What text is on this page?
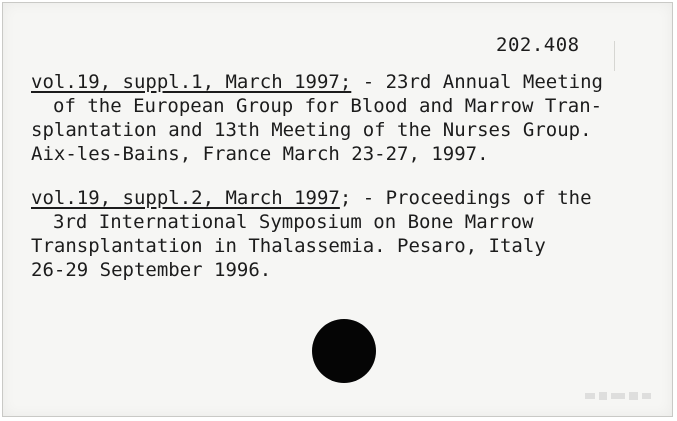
202.408
vol.19, suppl.1, March 1997; - 23rd Annual Meeting
of the European Group for Blood and Marrow Tran-
splantation and 13th Meeting of the Nurses Group.
Aix-les-Bains, France March 23-27, 1997.
vol.19, suppl.2, March 1997; - Proceedings of the
3rd International Symposium on Bone Marrow
Transplantation in Thalassemia. Pesaro, Italy
26-29 September 1996.
